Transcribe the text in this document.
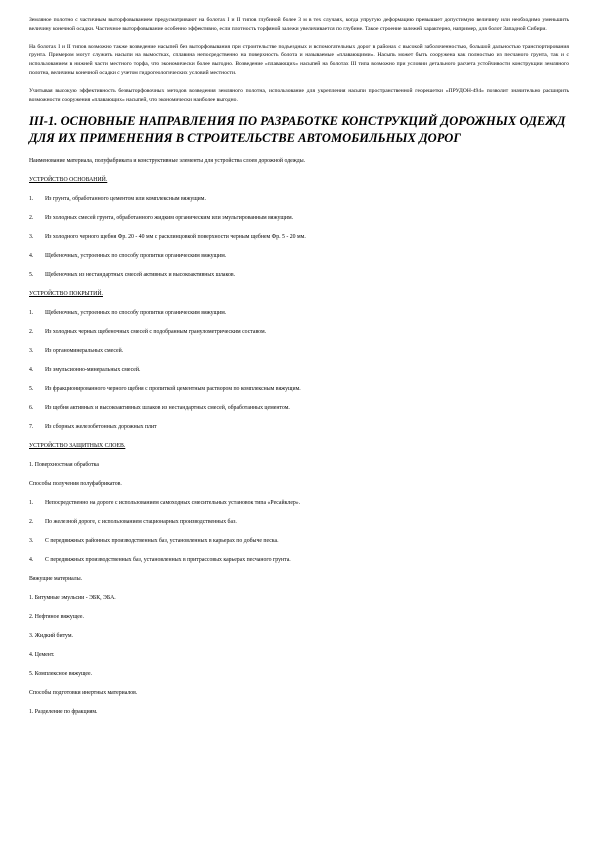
Земляное полотно с частичным выторфовыванием предусматривают на болотах I и II типов глубиной более 3 м в тех случаях, когда упругую деформацию превышает допустимую величину или необходимо уменьшить величину конечной осадки. Частичное выторфовывание особенно эффективно, если плотность торфяной залежи увеличивается по глубине. Такое строение залежей характерно, например, для болот Западной Сибири.

На болотах I и II типов возможно также возведение насыпей без выторфовывания при строительстве подъездных и вспомогательных дорог в районах с высокой заболоченностью, большой дальностью транспортирования грунта. Примером могут служить насыпи на вымостках, сплавина непосредственно на поверхность болота и называемые «плавающими». Насыпь может быть сооружена как полностью из песчаного грунта, так и с использованием в нижней части местного торфа, что экономически более выгодно. Возведение «плавающих» насыпей на болотах III типа возможно при условии детального расчета устойчивости конструкции земляного полотна, величины конечной осадки с учетом гидрогеологических условий местности.

Учитывая высокую эффективность безвыторфовочных методов возведения земляного полотна, использование для укрепления насыпи пространственной георешетки «ПРУДОН-494» позволит значительно расширить возможности сооружения «плавающих» насыпей, что экономически наиболее выгодно.

III-1. ОСНОВНЫЕ НАПРАВЛЕНИЯ ПО РАЗРАБОТКЕ КОНСТРУКЦИЙ ДОРОЖНЫХ ОДЕЖД ДЛЯ ИХ ПРИМЕНЕНИЯ В СТРОИТЕЛЬСТВЕ АВТОМОБИЛЬНЫХ ДОРОГ
Наименование материала, полуфабриката и конструктивные элементы для устройства слоев дорожной одежды.
УСТРОЙСТВО ОСНОВАНИЙ.
1. Из грунта, обработанного цементом или комплексным вяжущим.
2. Из холодных смесей грунта, обработанного жидким органическим или эмульгированным вяжущим.
3. Из холодного черного щебня Фр. 20 - 40 мм с расклинцовкой поверхности черным щебнем Фр. 5 - 20 мм.
4. Щебеночных, устроенных по способу пропитки органическим вяжущим.
5. Щебеночных из нестандартных смесей активных и высокоактивных шлаков.
УСТРОЙСТВО ПОКРЫТИЙ.
1. Щебеночных, устроенных по способу пропитки органическим вяжущим.
2. Из холодных черных щебеночных смесей с подобранным гранулометрическим составом.
3. Из органоминеральных смесей.
4. Из эмульсионно-минеральных смесей.
5. Из фракционированного черного щебня с пропиткой цементным раствором по комплексным вяжущим.
6. Из щебня активных и высокоактивных шлаков из нестандартных смесей, обработанных цементом.
7. Из сборных железобетонных дорожных плит
УСТРОЙСТВО ЗАЩИТНЫХ СЛОЕВ.
1. Поверхностная обработка
Способы получения полуфабрикатов.
1. Непосредственно на дороге с использованием самоходных смесительных установок типа «Ресайклер».
2. По железной дороге, с использованием стационарных производственных баз.
3. С передвижных районных производственных баз, установленных в карьерах по добыче песка.
4. С передвижных производственных баз, установленных в притрассовых карьерах песчаного грунта.
Вяжущие материалы.
1. Битумные эмульсии - ЭБК, ЭБА.
2. Нефтяное вяжущее.
3. Жидкий битум.
4. Цемент.
5. Комплексное вяжущее.
Способы подготовки инертных материалов.
1. Разделение по фракциям.
